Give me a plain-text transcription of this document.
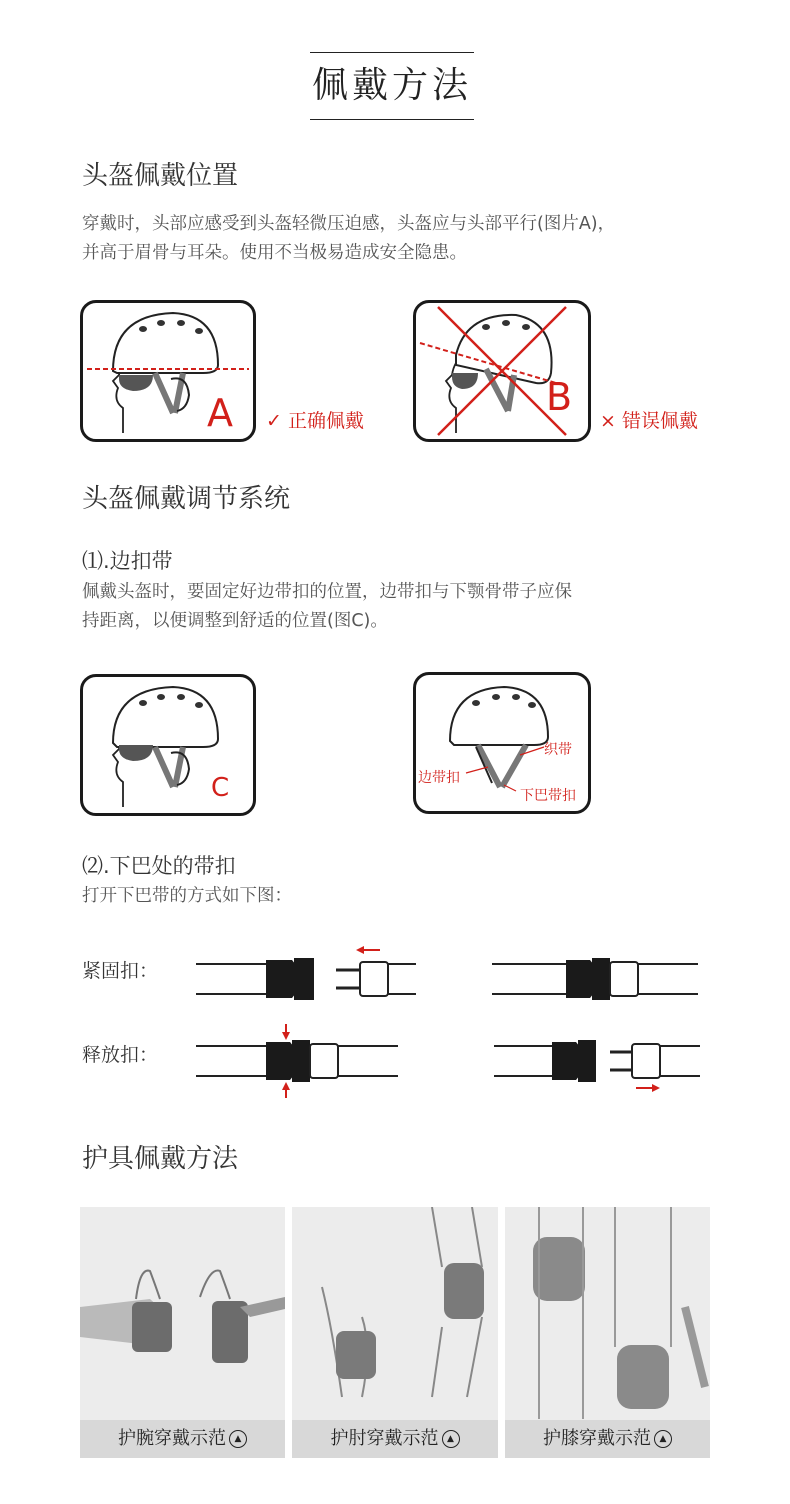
佩戴方法
头盔佩戴位置
穿戴时，头部应感受到头盔轻微压迫感，头盔应与头部平行(图片A)，
并高于眉骨与耳朵。使用不当极易造成安全隐患。
A ✓ 正确佩戴
B
× 错误佩戴
头盔佩戴调节系统
⑴.边扣带
佩戴头盔时，要固定好边带扣的位置，边带扣与下颚骨带子应保
持距离，以便调整到舒适的位置(图C)。
C
织带
边带扣
下巴带扣
⑵.下巴处的带扣
打开下巴带的方式如下图：
紧固扣：
释放扣：
护具佩戴方法
护腕穿戴示范 ▲	护肘穿戴示范 ▲	护膝穿戴示范 ▲
